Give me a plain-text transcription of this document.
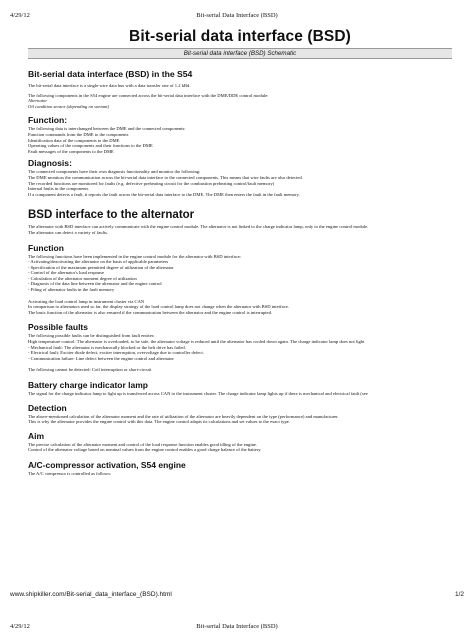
4/29/12	Bit-serial Data Interface (BSD)
Bit-serial data interface (BSD)
Bit-serial data interface (BSD) Schematic
Bit-serial data interface (BSD) in the S54

The bit-serial data interface is a single-wire data bus with a data transfer rate of 1.2 kBd.

The following components in the S54 engine are connected across the bit-serial data interface with the DME/DDE control module:

Alternator

Oil condition sensor (depending on variant)

Function:

The following data is interchanged between the DME and the connected components:

Function commands from the DME to the components

Identification data of the components to the DME

Operating values of the components and their functions to the DME

Fault messages of the components to the DME

Diagnosis:

The connected components have their own diagnosis functionality and monitor the following:

The DME monitors the communication across the bit-serial data interface to the connected components. This means that wire faults are also detected.

The recorded functions are monitored for faults (e.g. defective preheating circuit for the combustion preheating control/fault memory)

Internal faults in the components

If a component detects a fault, it reports the fault across the bit-serial data interface to the DME. The DME then enters the fault in the fault memory.

BSD interface to the alternator

The alternator with BSD interface can actively communicate with the engine control module. The alternator is not linked to the charge indicator lamp, only to the engine control module.

The alternator can detect a variety of faults.

Function

The following functions have been implemented in the engine control module for the alternator with BSD interface:

- Activating/deactivating the alternator on the basis of applicable parameters

- Specification of the maximum permitted degree of utilization of the alternator

- Control of the alternator's load response

- Calculation of the alternator moment degree of utilization

- Diagnosis of the data line between the alternator and the engine control

- Filing of alternator faults in the fault memory

Activating the load control lamp in instrument cluster via CAN

In comparison to alternators used so far, the display strategy of the load control lamp does not change when the alternator with BSD interface.

The basic function of the alternator is also ensured if the communication between the alternator and the engine control is interrupted.

Possible faults

The following possible faults can be distinguished from fault entries:

High temperature control: The alternator is overloaded, to be safe, the alternator voltage is reduced until the alternator has cooled down again. The charge indicator lamp does not light

- Mechanical fault: The alternator is mechanically blocked or the belt drive has failed.

- Electrical fault: Exciter diode defect, exciter interruption, overvoltage due to controller defect.

- Communication failure: Line defect between the engine control and alternator

The following cannot be detected: Coil interruption or short-circuit

Battery charge indicator lamp

The signal for the charge indicator lamp to light up is transferred across CAN to the instrument cluster. The charge indicator lamp lights up if there is mechanical and electrical fault (see

Detection

The above-mentioned calculation of the alternator moment and the rate of utilization of the alternator are heavily dependent on the type (performance) and manufacturer.

This is why the alternator provides the engine control with this data. The engine control adapts its calculations and set values to the exact type.

Aim

The precise calculation of the alternator moment and control of the load response function enables good idling of the engine.

Control of the alternator voltage based on nominal values from the engine control enables a good charge balance of the battery.

A/C-compressor activation, S54 engine

The A/C compressor is controlled as follows:

www.shipkiller.com/Bit-serial_data_interface_(BSD).html	1/2
4/29/12	Bit-serial Data Interface (BSD)
